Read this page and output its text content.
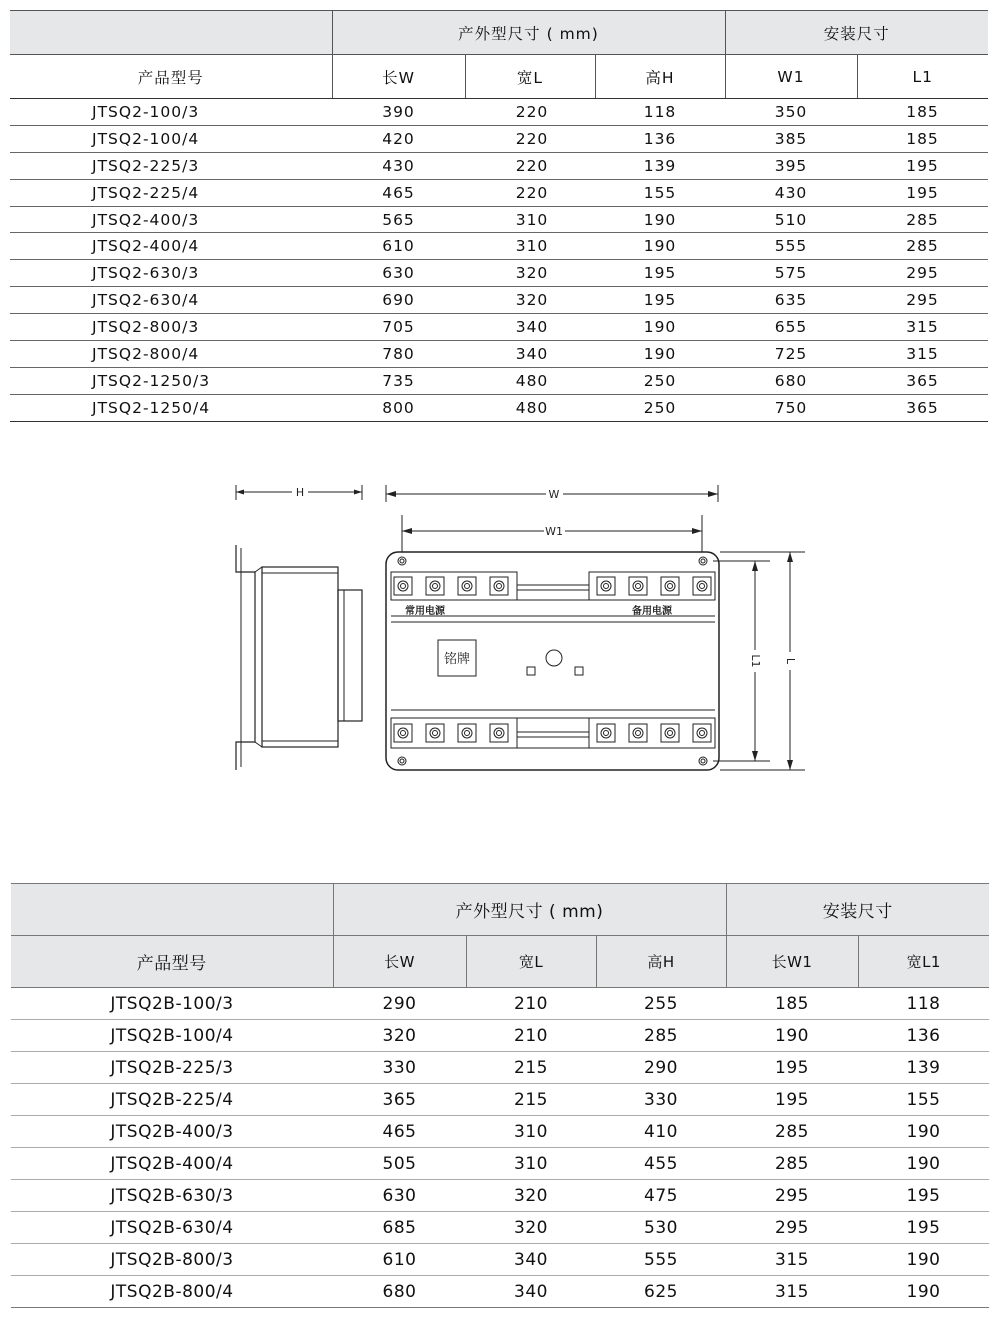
	产外型尺寸 ( mm)			安装尺寸	
产品型号	长W	宽L	高H	W1	L1
JTSQ2-100/3	390	220	118	350	185
JTSQ2-100/4	420	220	136	385	185
JTSQ2-225/3	430	220	139	395	195
JTSQ2-225/4	465	220	155	430	195
JTSQ2-400/3	565	310	190	510	285
JTSQ2-400/4	610	310	190	555	285
JTSQ2-630/3	630	320	195	575	295
JTSQ2-630/4	690	320	195	635	295
JTSQ2-800/3	705	340	190	655	315
JTSQ2-800/4	780	340	190	725	315
JTSQ2-1250/3	735	480	250	680	365
JTSQ2-1250/4	800	480	250	750	365
H	W
W1
L1 L
常用电源	备用电源
铭牌
	产外型尺寸 ( mm)			安装尺寸	
产品型号	长W	宽L	高H	长W1	宽L1
JTSQ2B-100/3	290	210	255	185	118
JTSQ2B-100/4	320	210	285	190	136
JTSQ2B-225/3	330	215	290	195	139
JTSQ2B-225/4	365	215	330	195	155
JTSQ2B-400/3	465	310	410	285	190
JTSQ2B-400/4	505	310	455	285	190
JTSQ2B-630/3	630	320	475	295	195
JTSQ2B-630/4	685	320	530	295	195
JTSQ2B-800/3	610	340	555	315	190
JTSQ2B-800/4	680	340	625	315	190
